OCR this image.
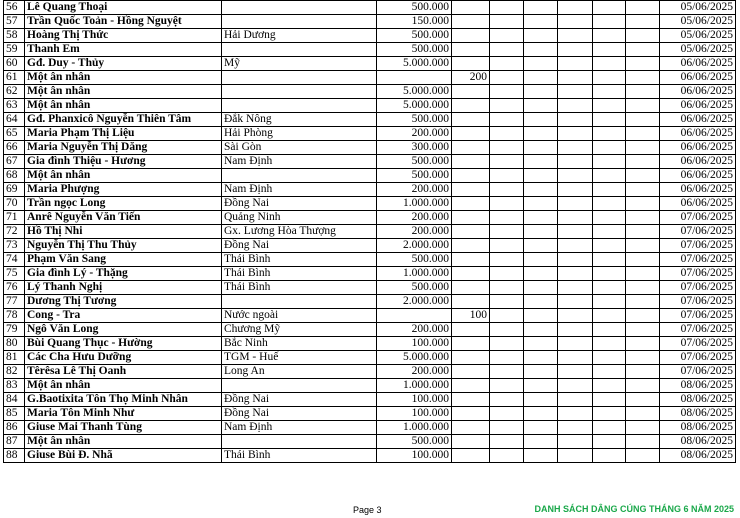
56	Lê Quang Thoại		500.000							05/06/2025
57	Trần Quốc Toản - Hồng Nguyệt		150.000							05/06/2025
58	Hoàng Thị Thức	Hải Dương	500.000							05/06/2025
59	Thanh Em		500.000							05/06/2025
60	Gđ. Duy - Thủy	Mỹ	5.000.000							06/06/2025
61	Một ân nhân			200						06/06/2025
62	Một ân nhân		5.000.000							06/06/2025
63	Một ân nhân		5.000.000							06/06/2025
64	Gđ. Phanxicô Nguyễn Thiên Tâm	Đắk Nông	500.000							06/06/2025
65	Maria Phạm Thị Liệu	Hải Phòng	200.000							06/06/2025
66	Maria Nguyễn Thị Dăng	Sài Gòn	300.000							06/06/2025
67	Gia đình Thiệu - Hương	Nam Định	500.000							06/06/2025
68	Một ân nhân		500.000							06/06/2025
69	Maria Phượng	Nam Định	200.000							06/06/2025
70	Trần ngọc Long	Đồng Nai	1.000.000							06/06/2025
71	Anrê Nguyễn Văn Tiến	Quảng Ninh	200.000							07/06/2025
72	Hồ Thị Nhi	Gx. Lương Hòa Thượng	200.000							07/06/2025
73	Nguyễn Thị Thu Thủy	Đồng Nai	2.000.000							07/06/2025
74	Phạm Văn Sang	Thái Bình	500.000							07/06/2025
75	Gia đình Lý - Thặng	Thái Bình	1.000.000							07/06/2025
76	Lý Thanh Nghị	Thái Bình	500.000							07/06/2025
77	Dương Thị Tương		2.000.000							07/06/2025
78	Cong - Tra	Nước ngoài		100						07/06/2025
79	Ngô Văn Long	Chương Mỹ	200.000							07/06/2025
80	Bùi Quang Thục - Hường	Bắc Ninh	100.000							07/06/2025
81	Các Cha Hưu Dưỡng	TGM - Huế	5.000.000							07/06/2025
82	Têrêsa Lê Thị Oanh	Long An	200.000							07/06/2025
83	Một ân nhân		1.000.000							08/06/2025
84	G.Baotixita Tôn Thọ Minh Nhân	Đồng Nai	100.000							08/06/2025
85	Maria Tôn Minh Như	Đồng Nai	100.000							08/06/2025
86	Giuse Mai Thanh Tùng	Nam Định	1.000.000							08/06/2025
87	Một ân nhân		500.000							08/06/2025
88	Giuse Bùi Đ. Nhã	Thái Bình	100.000							08/06/2025
Page 3	DANH SÁCH DÂNG CÚNG THÁNG 6 NĂM 2025
